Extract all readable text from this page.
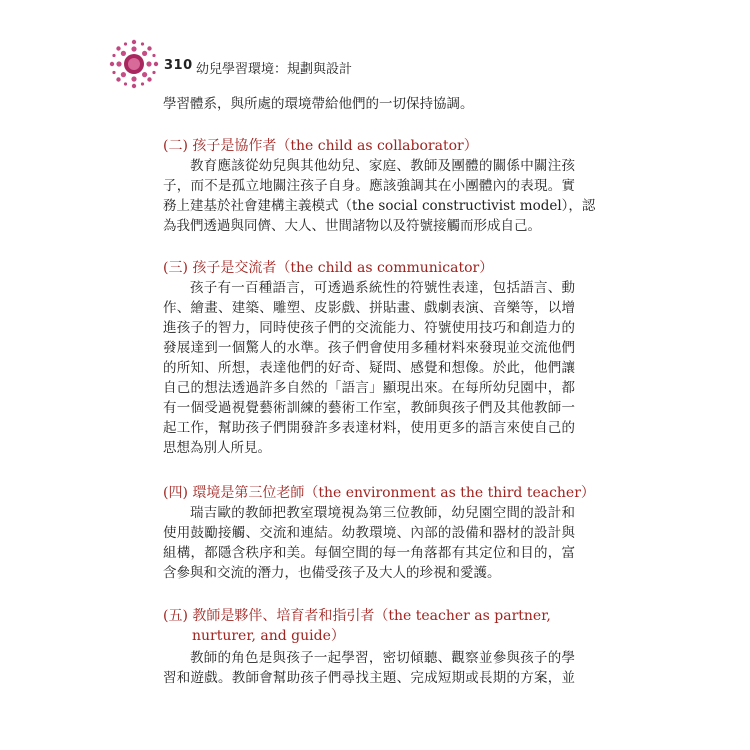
310 幼兒學習環境：規劃與設計
學習體系，與所處的環境帶給他們的一切保持協調。
(二) 孩子是協作者（the child as collaborator）
教育應該從幼兒與其他幼兒、家庭、教師及團體的關係中關注孩
子，而不是孤立地關注孩子自身。應該強調其在小團體內的表現。實
務上建基於社會建構主義模式（the social constructivist model），認
為我們透過與同儕、大人、世間諸物以及符號接觸而形成自己。
(三) 孩子是交流者（the child as communicator）
孩子有一百種語言，可透過系統性的符號性表達，包括語言、動
作、繪畫、建築、雕塑、皮影戲、拼貼畫、戲劇表演、音樂等，以增
進孩子的智力，同時使孩子們的交流能力、符號使用技巧和創造力的
發展達到一個驚人的水準。孩子們會使用多種材料來發現並交流他們
的所知、所想，表達他們的好奇、疑問、感覺和想像。於此，他們讓
自己的想法透過許多自然的「語言」顯現出來。在每所幼兒園中，都
有一個受過視覺藝術訓練的藝術工作室，教師與孩子們及其他教師一
起工作，幫助孩子們開發許多表達材料，使用更多的語言來使自己的
思想為別人所見。
(四) 環境是第三位老師（the environment as the third teacher）
瑞吉歐的教師把教室環境視為第三位教師，幼兒園空間的設計和
使用鼓勵接觸、交流和連結。幼教環境、內部的設備和器材的設計與
組構，都隱含秩序和美。每個空間的每一角落都有其定位和目的，富
含參與和交流的潛力，也備受孩子及大人的珍視和愛護。
(五) 教師是夥伴、培育者和指引者（the teacher as partner,
nurturer, and guide）
教師的角色是與孩子一起學習，密切傾聽、觀察並參與孩子的學
習和遊戲。教師會幫助孩子們尋找主題、完成短期或長期的方案，並
